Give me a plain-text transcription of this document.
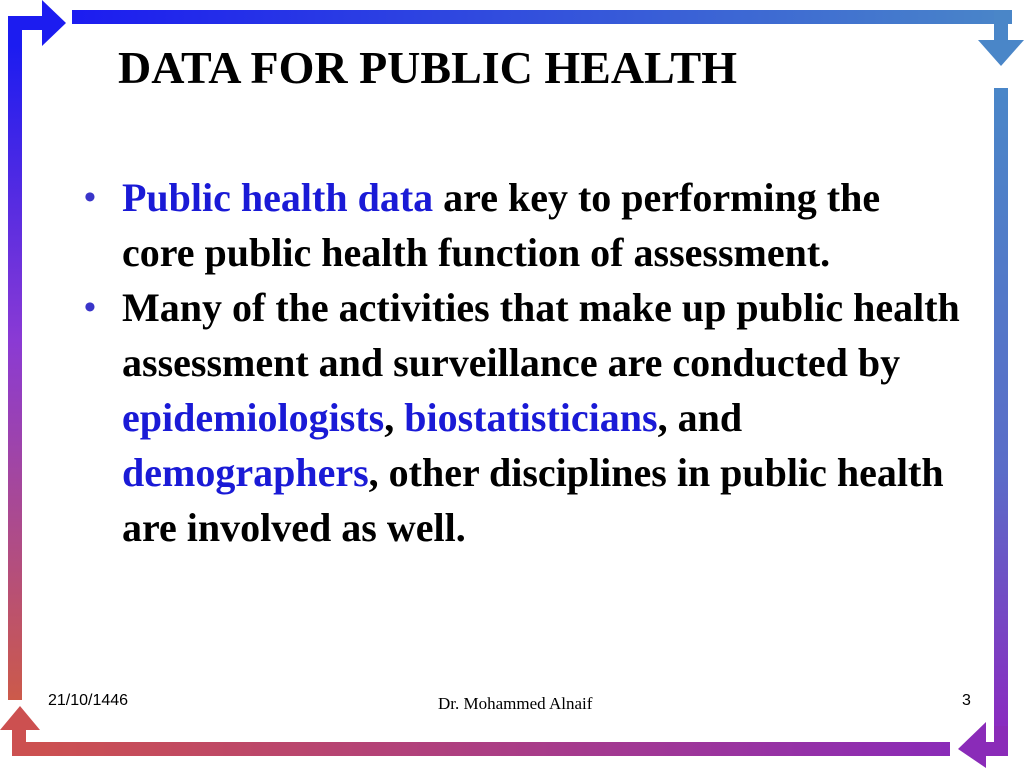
DATA FOR PUBLIC HEALTH
• Public health data are key to performing the core public health function of assessment.
• Many of the activities that make up public health assessment and surveillance are conducted by epidemiologists, biostatisticians, and demographers, other disciplines in public health are involved as well.
21/10/1446	Dr. Mohammed Alnaif	3
